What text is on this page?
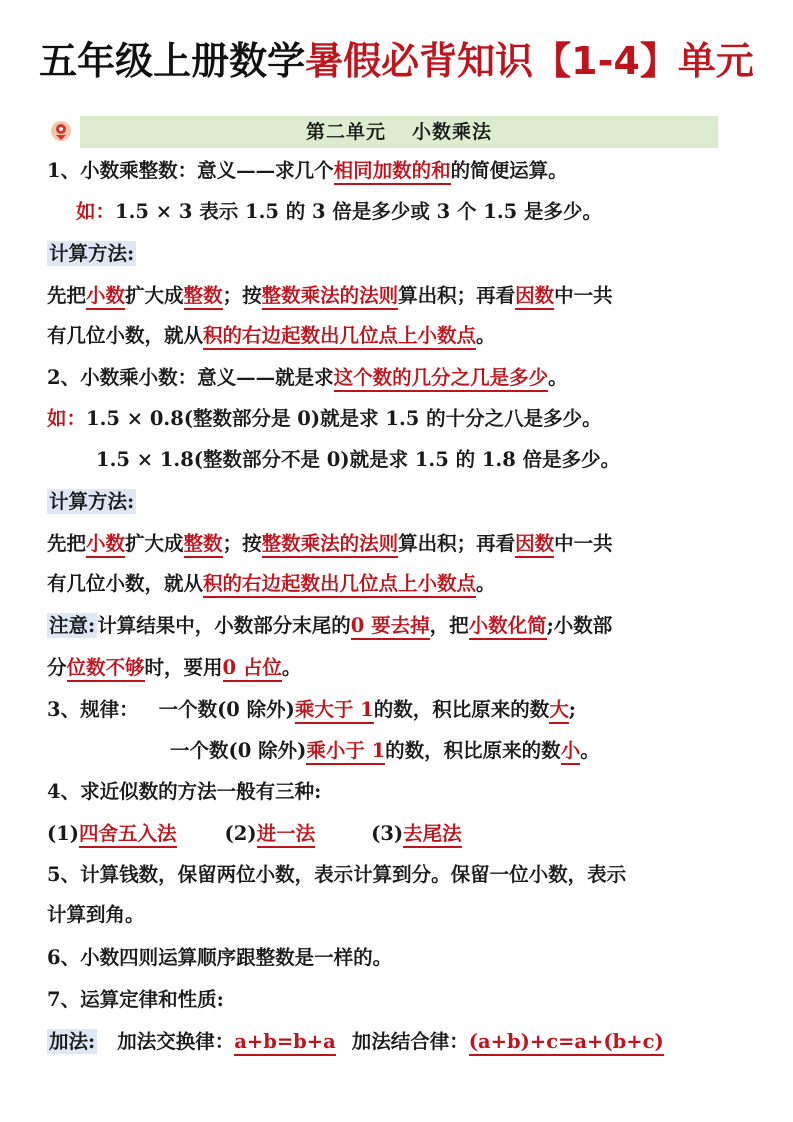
五年级上册数学暑假必背知识【1-4】单元
第二单元 小数乘法
1、小数乘整数：意义——求几个相同加数的和的简便运算。
如：1.5 × 3 表示 1.5 的 3 倍是多少或 3 个 1.5 是多少。
计算方法:
先把小数扩大成整数；按整数乘法的法则算出积；再看因数中一共
有几位小数，就从积的右边起数出几位点上小数点。
2、小数乘小数：意义——就是求这个数的几分之几是多少。
如：1.5 × 0.8(整数部分是 0)就是求 1.5 的十分之八是多少。
1.5 × 1.8(整数部分不是 0)就是求 1.5 的 1.8 倍是多少。
计算方法:
先把小数扩大成整数；按整数乘法的法则算出积；再看因数中一共
有几位小数，就从积的右边起数出几位点上小数点。
注意: 计算结果中，小数部分末尾的0 要去掉，把小数化简;小数部
分位数不够时，要用0 占位。
3、规律： 一个数(0 除外)乘大于 1的数，积比原来的数大;
一个数(0 除外)乘小于 1的数，积比原来的数小。
4、求近似数的方法一般有三种:
(1)四舍五入法 (2)进一法	(3)去尾法
5、计算钱数，保留两位小数，表示计算到分。保留一位小数，表示
计算到角。
6、小数四则运算顺序跟整数是一样的。
7、运算定律和性质:
加法: 加法交换律：a+b=b+a 加法结合律：(a+b)+c=a+(b+c)
